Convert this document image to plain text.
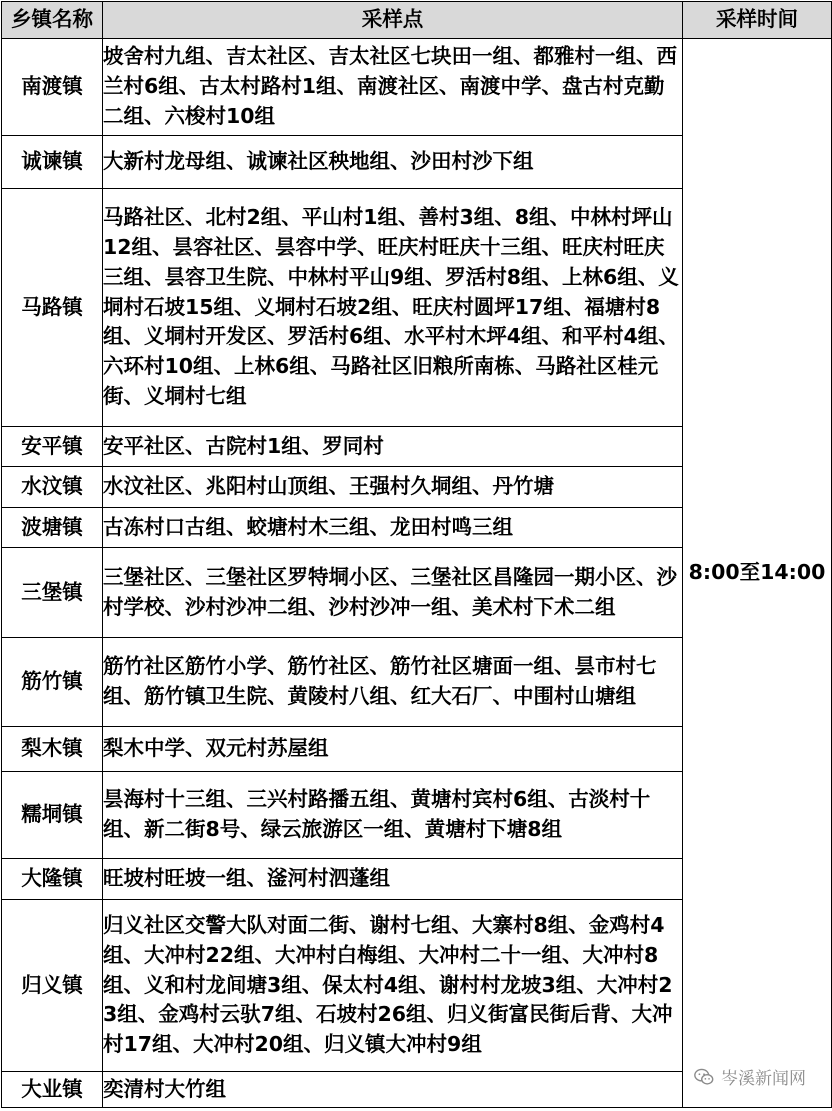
乡镇名称	采样点	采样时间
南渡镇	坡舍村九组、吉太社区、吉太社区七块田一组、都雅村一组、西兰村6组、古太村路村1组、南渡社区、南渡中学、盘古村克勤二组、六梭村10组	8:00至14:00
诚谏镇	大新村龙母组、诚谏社区秧地组、沙田村沙下组	
马路镇	马路社区、北村2组、平山村1组、善村3组、8组、中林村坪山12组、昙容社区、昙容中学、旺庆村旺庆十三组、旺庆村旺庆三组、昙容卫生院、中林村平山9组、罗活村8组、上林6组、义垌村石坡15组、义垌村石坡2组、旺庆村圆坪17组、福塘村8组、义垌村开发区、罗活村6组、水平村木坪4组、和平村4组、六环村10组、上林6组、马路社区旧粮所南栋、马路社区桂元街、义垌村七组	
安平镇	安平社区、古院村1组、罗同村	
水汶镇	水汶社区、兆阳村山顶组、王强村久垌组、丹竹塘	
波塘镇	古冻村口古组、蛟塘村木三组、龙田村鸣三组	
三堡镇	三堡社区、三堡社区罗特垌小区、三堡社区昌隆园一期小区、沙村学校、沙村沙冲二组、沙村沙冲一组、美术村下术二组	
筋竹镇	筋竹社区筋竹小学、筋竹社区、筋竹社区塘面一组、昙市村七组、筋竹镇卫生院、黄陵村八组、红大石厂、中围村山塘组	
梨木镇	梨木中学、双元村苏屋组	
糯垌镇	昙海村十三组、三兴村路播五组、黄塘村宾村6组、古淡村十组、新二街8号、绿云旅游区一组、黄塘村下塘8组	
大隆镇	旺坡村旺坡一组、滏河村泗蓬组	
归义镇	归义社区交警大队对面二街、谢村七组、大寨村8组、金鸡村4组、大冲村22组、大冲村白梅组、大冲村二十一组、大冲村8组、义和村龙间塘3组、保太村4组、谢村村龙坡3组、大冲村23组、金鸡村云驮7组、石坡村26组、归义街富民街后背、大冲村17组、大冲村20组、归义镇大冲村9组	
大业镇	奕清村大竹组		岑溪新闻网
